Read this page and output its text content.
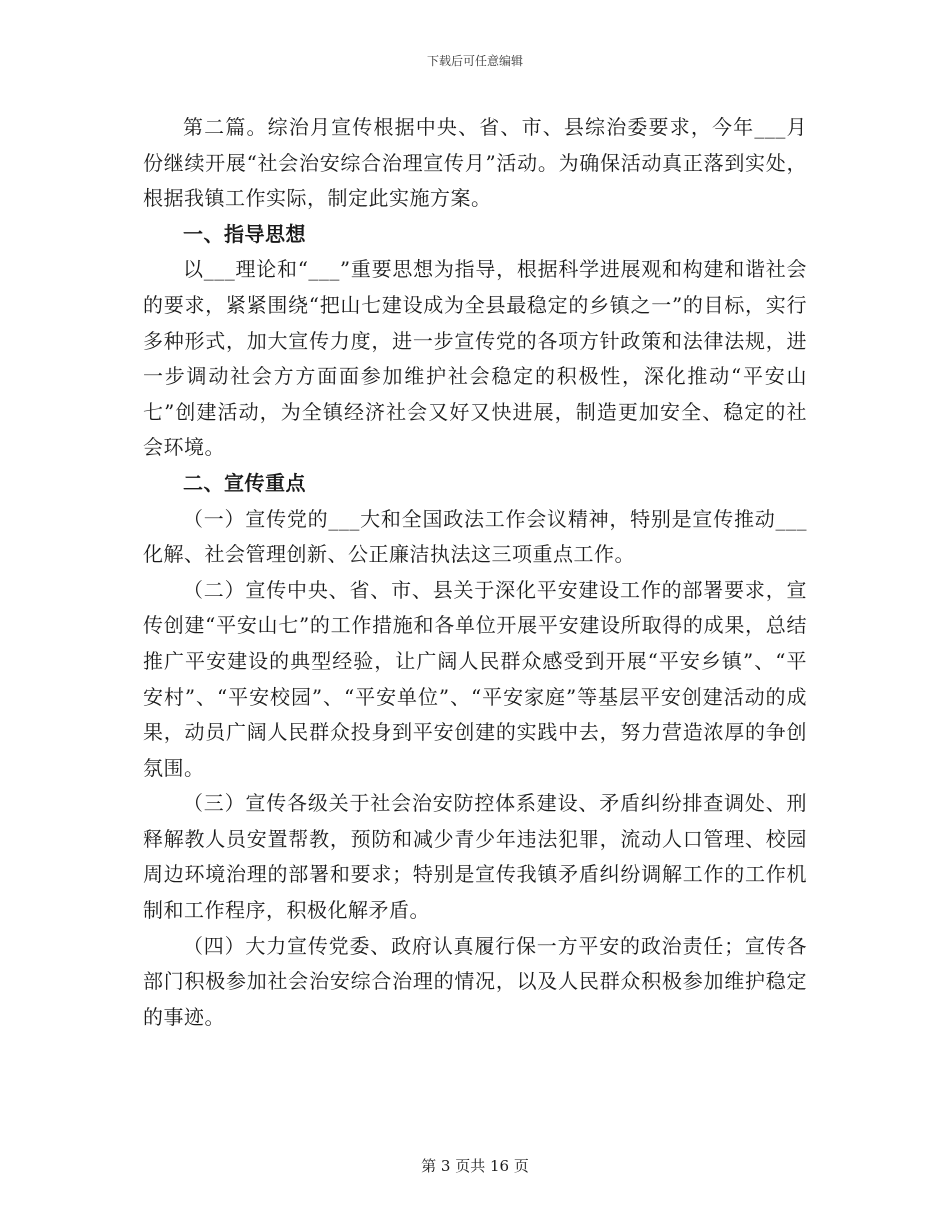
下载后可任意编辑

第二篇。综治月宣传根据中央、省、市、县综治委要求，今年___月份继续开展“社会治安综合治理宣传月”活动。为确保活动真正落到实处，根据我镇工作实际，制定此实施方案。

一、指导思想

以___理论和“___”重要思想为指导，根据科学进展观和构建和谐社会的要求，紧紧围绕“把山七建设成为全县最稳定的乡镇之一”的目标，实行多种形式，加大宣传力度，进一步宣传党的各项方针政策和法律法规，进一步调动社会方方面面参加维护社会稳定的积极性，深化推动“平安山七”创建活动，为全镇经济社会又好又快进展，制造更加安全、稳定的社会环境。

二、宣传重点

（一）宣传党的___大和全国政法工作会议精神，特别是宣传推动___化解、社会管理创新、公正廉洁执法这三项重点工作。

（二）宣传中央、省、市、县关于深化平安建设工作的部署要求，宣传创建“平安山七”的工作措施和各单位开展平安建设所取得的成果，总结推广平安建设的典型经验，让广阔人民群众感受到开展“平安乡镇”、“平安村”、“平安校园”、“平安单位”、“平安家庭”等基层平安创建活动的成果，动员广阔人民群众投身到平安创建的实践中去，努力营造浓厚的争创氛围。

（三）宣传各级关于社会治安防控体系建设、矛盾纠纷排查调处、刑释解教人员安置帮教，预防和减少青少年违法犯罪，流动人口管理、校园周边环境治理的部署和要求；特别是宣传我镇矛盾纠纷调解工作的工作机制和工作程序，积极化解矛盾。

（四）大力宣传党委、政府认真履行保一方平安的政治责任；宣传各部门积极参加社会治安综合治理的情况，以及人民群众积极参加维护稳定的事迹。

第 3 页共 16 页
